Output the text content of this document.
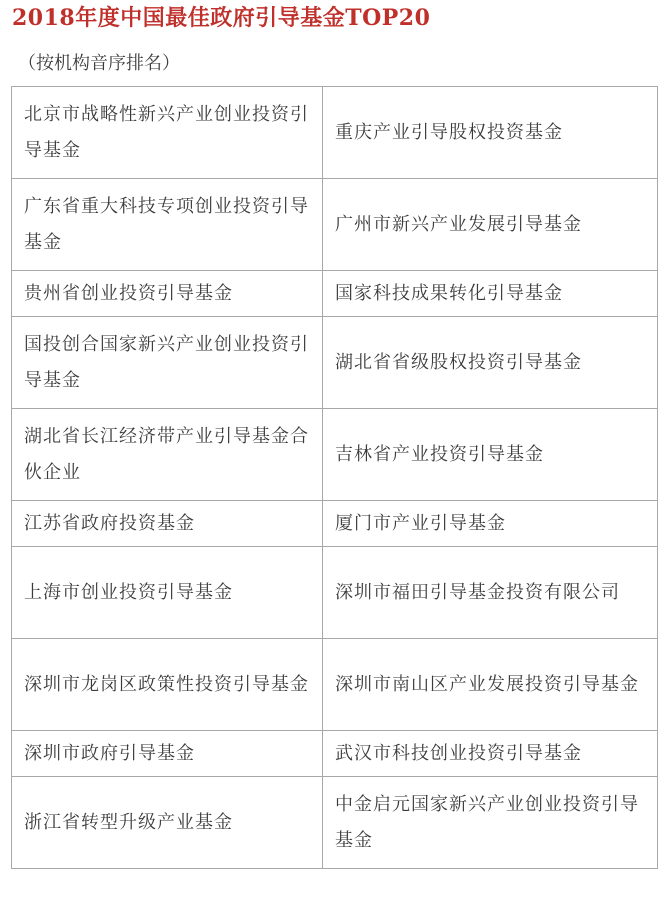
2018年度中国最佳政府引导基金TOP20
（按机构音序排名）
北京市战略性新兴产业创业投资引导基金	重庆产业引导股权投资基金
广东省重大科技专项创业投资引导基金	广州市新兴产业发展引导基金
贵州省创业投资引导基金	国家科技成果转化引导基金
国投创合国家新兴产业创业投资引导基金	湖北省省级股权投资引导基金
湖北省长江经济带产业引导基金合伙企业	吉林省产业投资引导基金
江苏省政府投资基金	厦门市产业引导基金
上海市创业投资引导基金	深圳市福田引导基金投资有限公司
深圳市龙岗区政策性投资引导基金	深圳市南山区产业发展投资引导基金
深圳市政府引导基金	武汉市科技创业投资引导基金
浙江省转型升级产业基金	中金启元国家新兴产业创业投资引导基金
